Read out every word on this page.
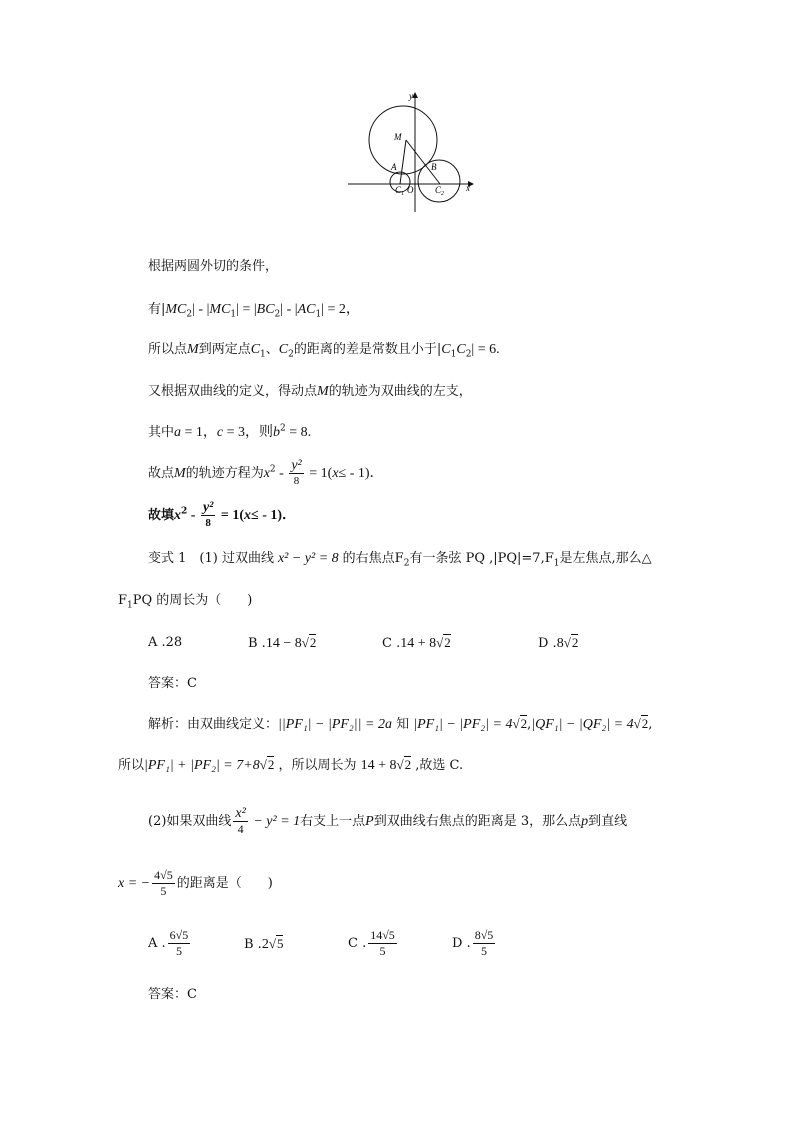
y
x
M
A	B
O
$C_1$	$C_2$
根据两圆外切的条件，
有$|MC_2| - |MC_1| = |BC_2| - |AC_1| = 2$，
所以点M到两定点$C_1$、$C_2$的距离的差是常数且小于$|C_1C_2| = 6$.
又根据双曲线的定义，得动点M的轨迹为双曲线的左支，
其中a = 1，c = 3，则$b^2 = 8$.
故点M的轨迹方程为$x^2 - \frac{\text{y²}}{8} = 1(x\le - 1)$．
故填$x^2 - \frac{\text{y²}}{8} = 1(x\le - 1)$．
变式 1　(1) 过双曲线 x² − y² = 8 的右焦点$F_2$有一条弦 PQ $,|PQ|=7,F_1$是左焦点,那么△
$F_1PQ$ 的周长为（　　)
A .28	B .14 − 8√2	C .14 + 8√2	D .8√2
答案：C
解析：由双曲线定义：||PF₁| − |PF₂|| = 2a 知 |PF₁| − |PF₂| = 4√2,|QF₁| − |QF₂| = 4√2,
所以|PF₁| + |PF₂| = 7+8√2 ，所以周长为 14 + 8√2 ,故选 C.
(2)如果双曲线 $\frac{\text{x²}}{4} - y^2 = 1$右支上一点P到双曲线右焦点的距离是 3，那么点p到直线
x = − $\frac{4√5}{5}$ 的距离是（　　)
A . $\frac{6√5}{5}$	B .2√5	C . $\frac{14√5}{5}$	D . $\frac{8√5}{5}$
答案：C
